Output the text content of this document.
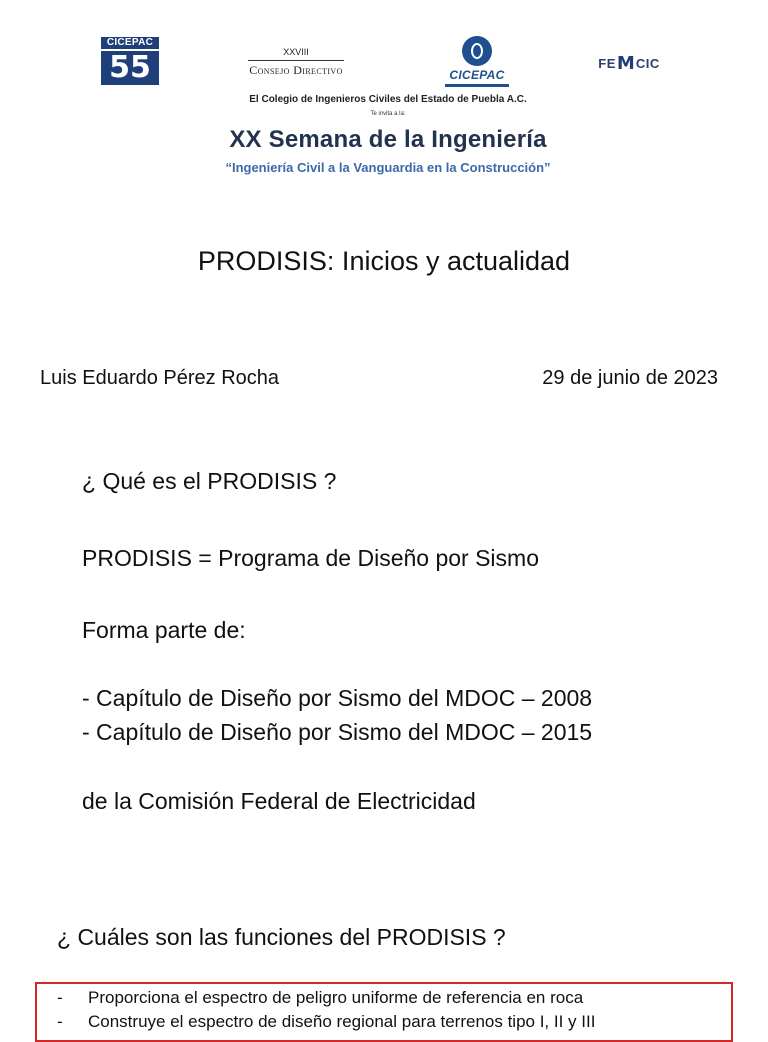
CICEPAC
55	XXVIII
Consejo Directivo	CICEPAC
FE M CIC
El Colegio de Ingenieros Civiles del Estado de Puebla A.C.
Te invita a la:
XX Semana de la Ingeniería
“Ingeniería Civil a la Vanguardia en la Construcción”
PRODISIS: Inicios y actualidad
Luis Eduardo Pérez Rocha	29 de junio de 2023
¿ Qué es el PRODISIS ?
PRODISIS = Programa de Diseño por Sismo
Forma parte de:
- Capítulo de Diseño por Sismo del MDOC – 2008
- Capítulo de Diseño por Sismo del MDOC – 2015
de la Comisión Federal de Electricidad
¿ Cuáles son las funciones del PRODISIS ?
- Proporciona el espectro de peligro uniforme de referencia en roca
- Construye el espectro de diseño regional para terrenos tipo I, II y III
